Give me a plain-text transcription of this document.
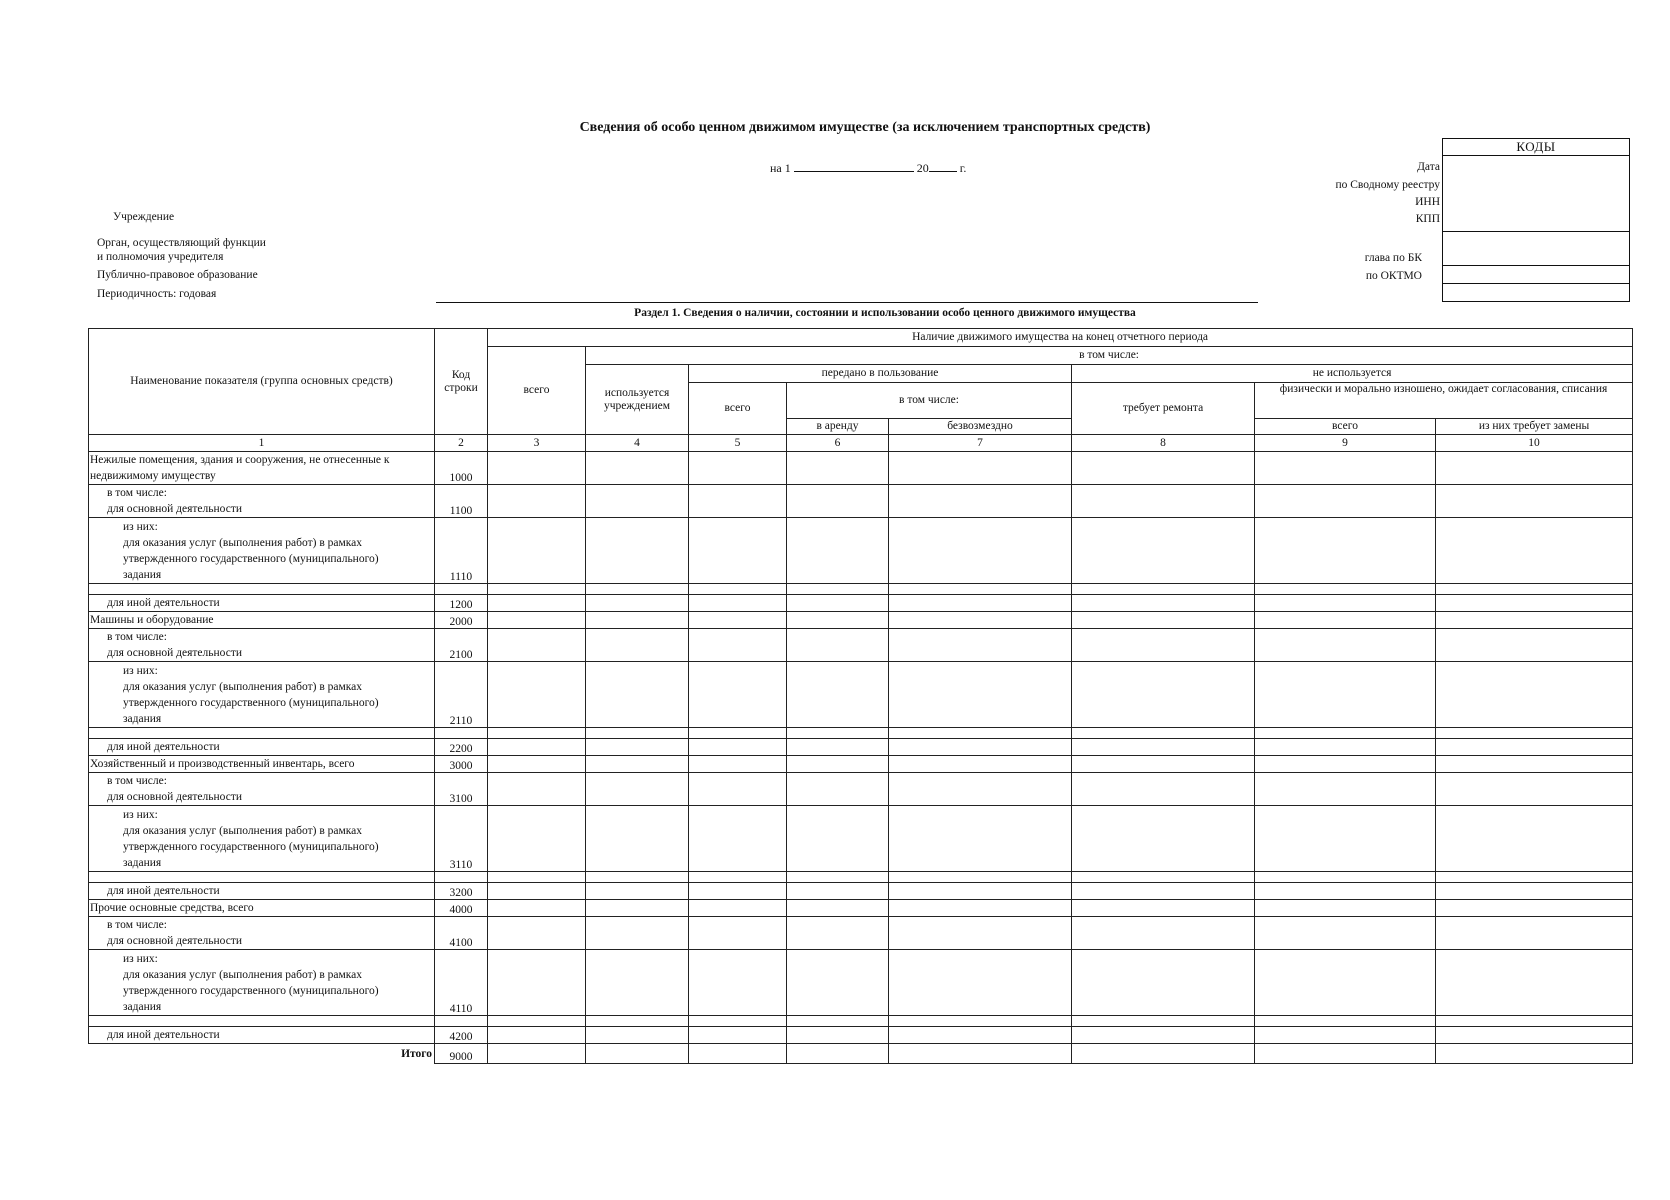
Сведения об особо ценном движимом имуществе (за исключением транспортных средств)
на 1	20	г.
Учреждение
Орган, осуществляющий функции
и полномочия учредителя
Публично-правовое образование
Периодичность: годовая
КОДЫ
Дата
по Сводному реестру
ИНН
КПП
глава по БК
по ОКТМО
Раздел 1. Сведения о наличии, состоянии и использовании особо ценного движимого имущества
Наименование показателя (группа основных средств)	Код строки	Наличие движимого имущества на конец отчетного периода							
		всего	в том числе:						
			используется учреждением	передано в пользование			не используется		
				всего	в том числе:		требует ремонта	физически и морально изношено, ожидает согласования, списания	
					в аренду	безвозмездно		всего	из них требует замены
1	2	3	4	5	6	7	8	9	10
Нежилые помещения, здания и сооружения, не отнесенные к недвижимому имуществу	1000								
в том числе:
для основной деятельности	1100								
из них:
для оказания услуг (выполнения работ) в рамках
утвержденного государственного (муниципального)
задания	1110								

для иной деятельности	1200								
Машины и оборудование	2000								
в том числе:
для основной деятельности	2100								
из них:
для оказания услуг (выполнения работ) в рамках
утвержденного государственного (муниципального)
задания	2110								

для иной деятельности	2200								
Хозяйственный и производственный инвентарь, всего	3000								
в том числе:
для основной деятельности	3100								
из них:
для оказания услуг (выполнения работ) в рамках
утвержденного государственного (муниципального)
задания	3110								

для иной деятельности	3200								
Прочие основные средства, всего	4000								
в том числе:
для основной деятельности	4100								
из них:
для оказания услуг (выполнения работ) в рамках
утвержденного государственного (муниципального)
задания	4110								

для иной деятельности	4200								
Итого	9000								
